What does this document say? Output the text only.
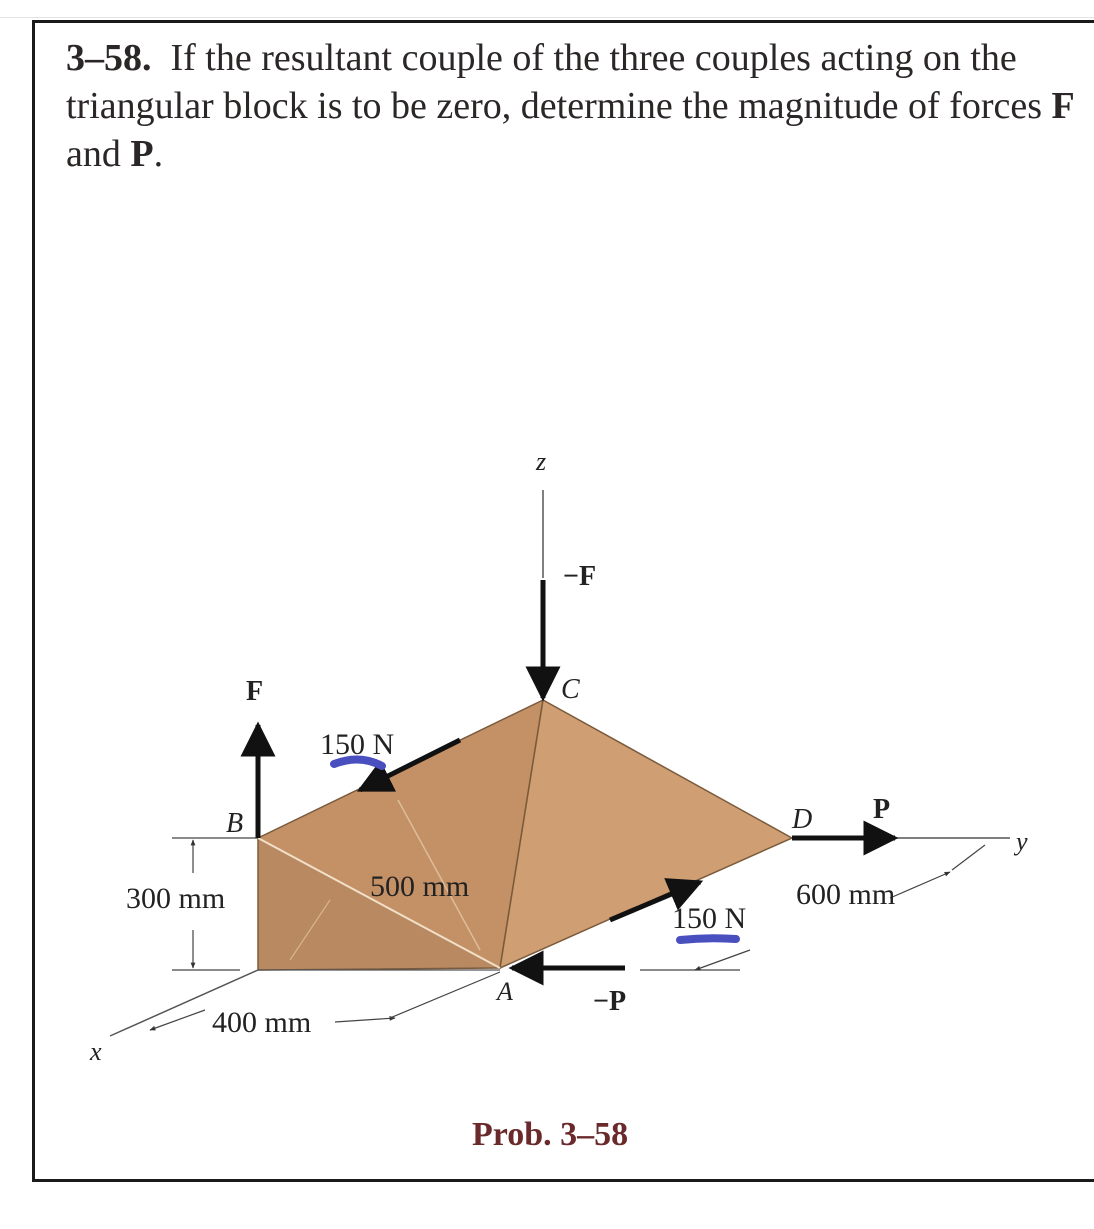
3–58. If the resultant couple of the three couples acting on the triangular block is to be zero, determine the magnitude of forces F and P.

z
y
x
A
B
C
D
F
−F
P
−P
150 N
150 N
300 mm
400 mm
500 mm	600 mm

Prob. 3–58
